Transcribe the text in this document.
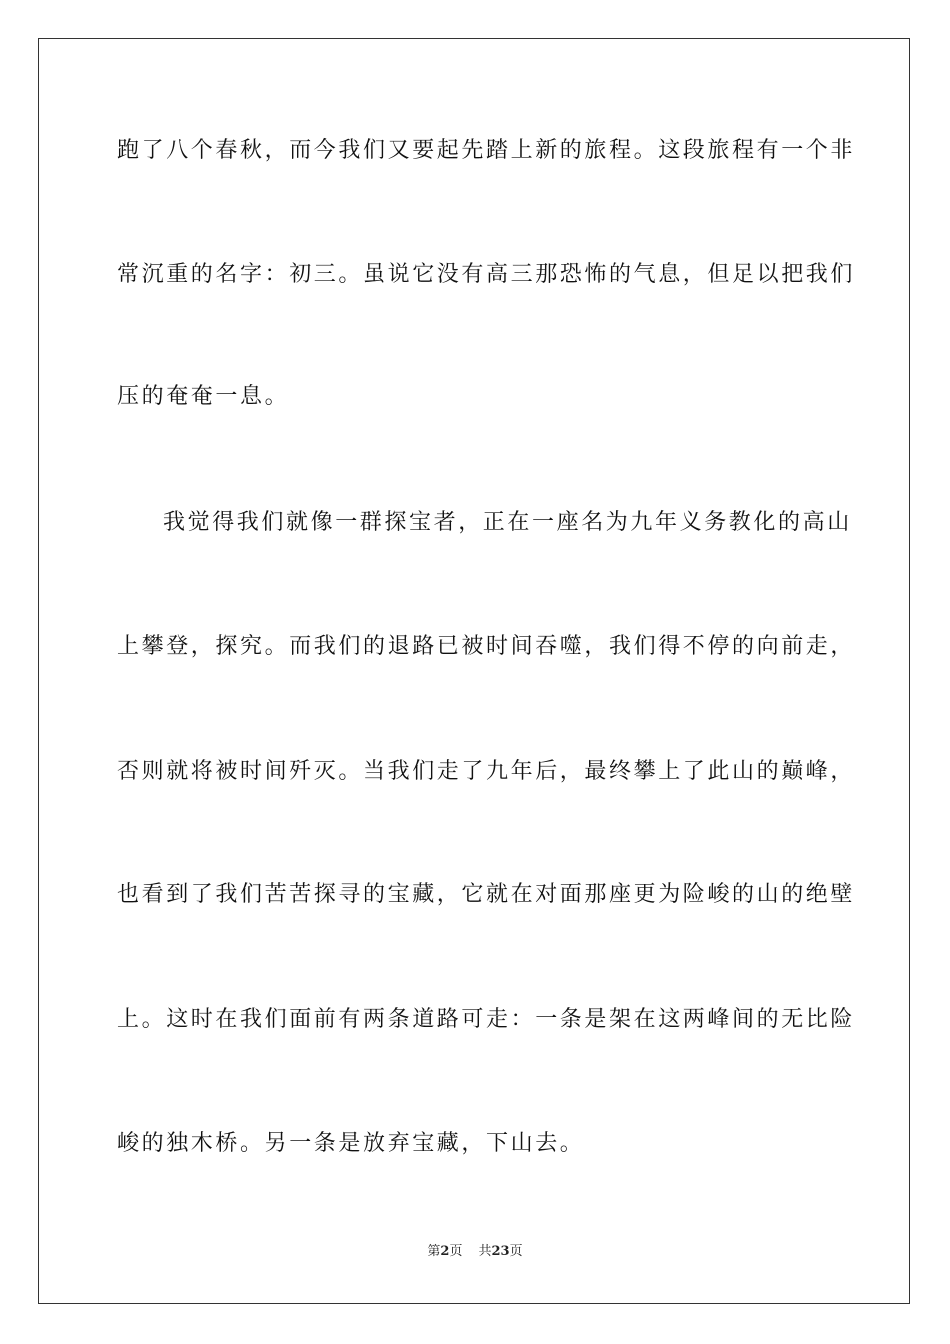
跑了八个春秋，而今我们又要起先踏上新的旅程。这段旅程有一个非
常沉重的名字：初三。虽说它没有高三那恐怖的气息，但足以把我们
压的奄奄一息。
我觉得我们就像一群探宝者，正在一座名为九年义务教化的高山
上攀登，探究。而我们的退路已被时间吞噬，我们得不停的向前走，
否则就将被时间歼灭。当我们走了九年后，最终攀上了此山的巅峰，
也看到了我们苦苦探寻的宝藏，它就在对面那座更为险峻的山的绝壁
上。这时在我们面前有两条道路可走：一条是架在这两峰间的无比险
峻的独木桥。另一条是放弃宝藏，下山去。
第2页 共23页
